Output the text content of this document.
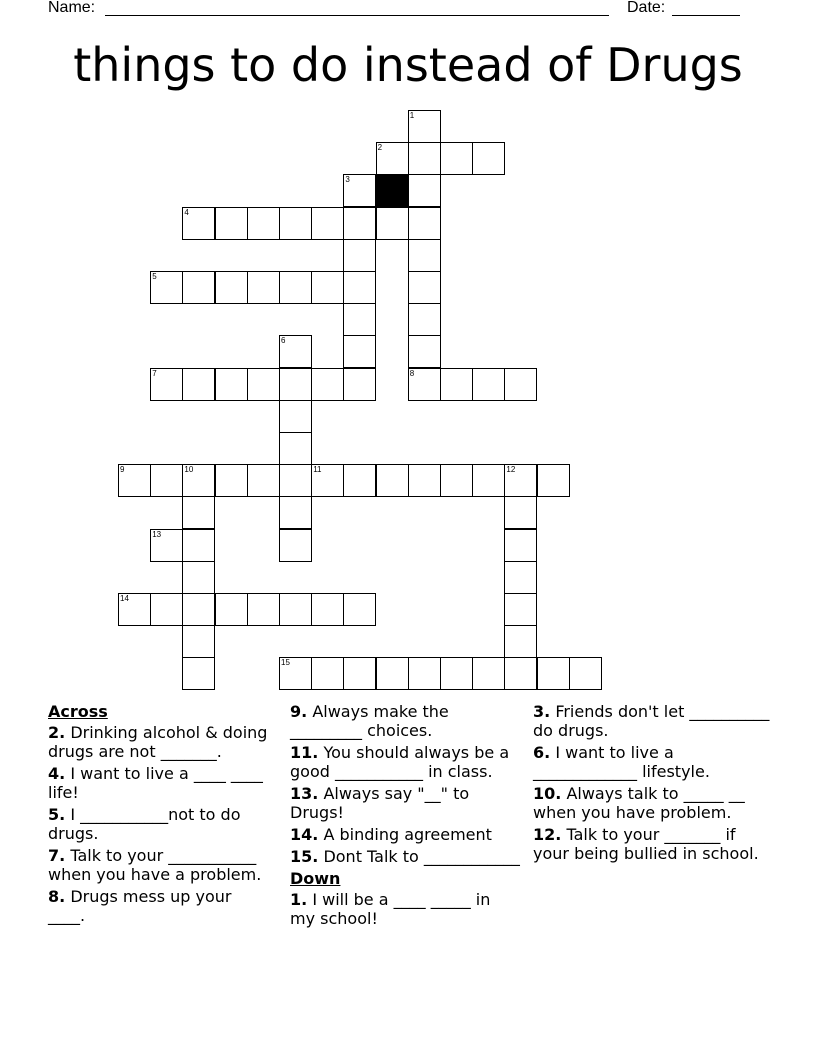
Name:	Date:
things to do instead of Drugs
1
2
3
4
5
6
7	8
9	10	11	12
13
14
15
Across
2. Drinking alcohol & doing drugs are not _______.
4. I want to live a ____ ____ life!
5. I ___________not to do drugs.
7. Talk to your ___________ when you have a problem.
8. Drugs mess up your ____.
9. Always make the _________ choices.
11. You should always be a good ___________ in class.
13. Always say "__" to Drugs!
14. A binding agreement
15. Dont Talk to ____________
Down
1. I will be a ____ _____ in my school!
3. Friends don't let __________ do drugs.
6. I want to live a _____________ lifestyle.
10. Always talk to _____ __ when you have problem.
12. Talk to your _______ if your being bullied in school.
